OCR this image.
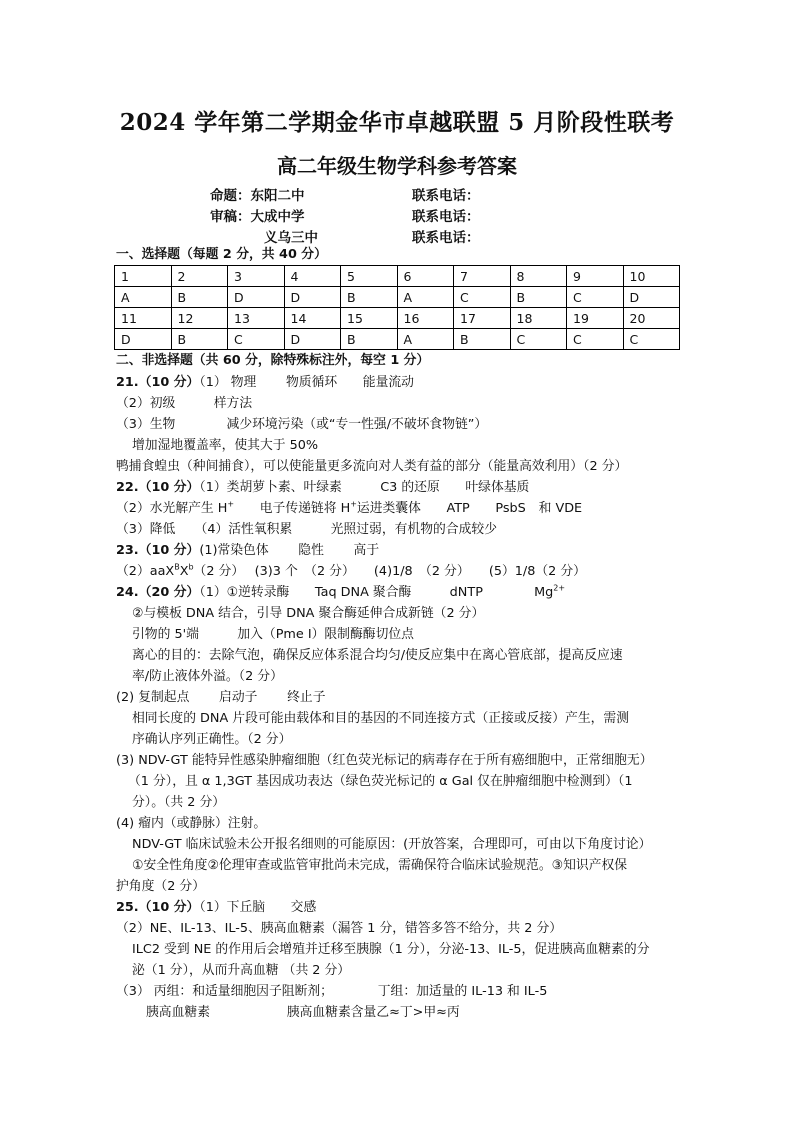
2024 学年第二学期金华市卓越联盟 5 月阶段性联考
高二年级生物学科参考答案
命题：东阳二中	联系电话：
审稿：大成中学	联系电话：
义乌三中	联系电话：
一、选择题（每题 2 分，共 40 分）
1	2	3	4	5	6	7	8	9	10
A	B	D	D	B	A	C	B	C	D
11	12	13	14	15	16	17	18	19	20
D	B	C	D	B	A	B	C	C	C
二、非选择题（共 60 分，除特殊标注外，每空 1 分）
21.（10 分）（1） 物理　　 物质循环　　能量流动
（2）初级　　　样方法
（3）生物　　　　减少环境污染（或“专一性强/不破坏食物链”）
增加湿地覆盖率，使其大于 50%
鸭捕食蝗虫（种间捕食），可以使能量更多流向对人类有益的部分（能量高效利用）（2 分）
22.（10 分）（1）类胡萝卜素、叶绿素　　　C3 的还原　　叶绿体基质
（2）水光解产生 H+　　电子传递链将 H+运进类囊体　　ATP　　PsbS　和 VDE
（3）降低　　（4）活性氧积累　　　光照过弱，有机物的合成较少
23.（10 分）(1)常染色体　　 隐性　　 高于
$(2)aaX^BX^b(2$ 分）　 (3)3 个　（2 分）　　(4)1/8　（2 分）　　(5）1/8（2 分）
24.（20 分）（1）①逆转录酶　　Taq DNA 聚合酶　　　dNTP　　　　$Mg^{2+}$
②与模板 DNA 结合，引导 DNA 聚合酶延伸合成新链（2 分）
引物的 5'端　　　加入（Pme I）限制酶酶切位点
离心的目的：去除气泡，确保反应体系混合均匀/使反应集中在离心管底部，提高反应速
率/防止液体外溢。（2 分）
(2) 复制起点　　 启动子　　 终止子
相同长度的 DNA 片段可能由载体和目的基因的不同连接方式（正接或反接）产生，需测
序确认序列正确性。（2 分）
(3) NDV-GT 能特异性感染肿瘤细胞（红色荧光标记的病毒存在于所有癌细胞中，正常细胞无）
（1 分），且 α 1,3GT 基因成功表达（绿色荧光标记的 α Gal 仅在肿瘤细胞中检测到）（1
分）。（共 2 分）
(4) 瘤内（或静脉）注射。
NDV-GT 临床试验未公开报名细则的可能原因：(开放答案，合理即可，可由以下角度讨论）
①安全性角度②伦理审查或监管审批尚未完成，需确保符合临床试验规范。③知识产权保
护角度（2 分）
25.（10 分）（1）下丘脑　　交感
（2）NE、IL-13、IL-5、胰高血糖素（漏答 1 分，错答多答不给分，共 2 分）
ILC2 受到 NE 的作用后会增殖并迁移至胰腺（1 分），分泌-13、IL-5，促进胰高血糖素的分
泌（1 分），从而升高血糖 （共 2 分）
（3） 丙组：和适量细胞因子阻断剂；　　　　丁组：加适量的 IL-13 和 IL-5
胰高血糖素　　　　　　胰高血糖素含量乙≈丁>甲≈丙
